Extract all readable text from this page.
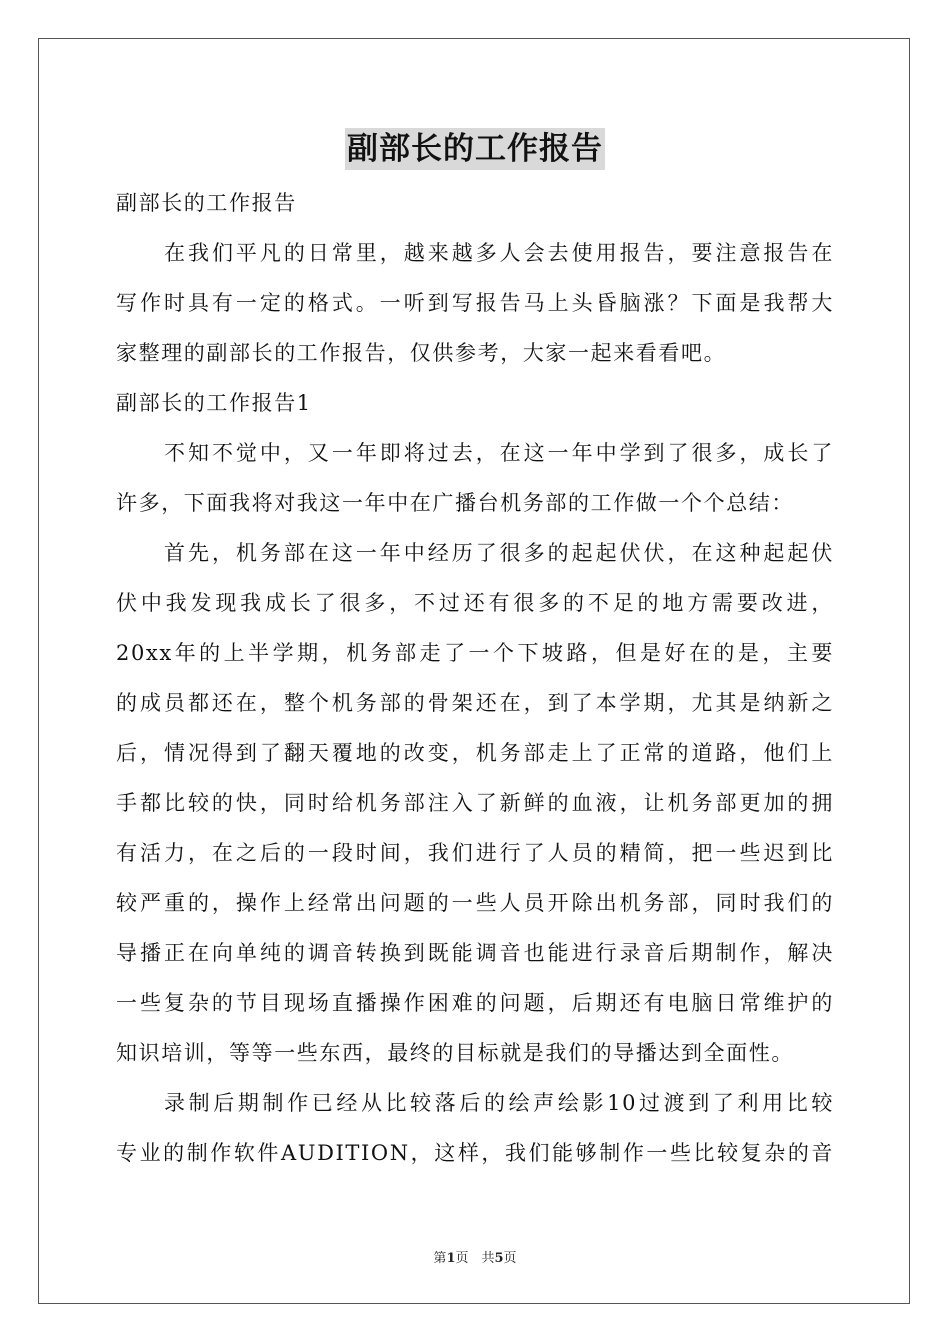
副部长的工作报告
副部长的工作报告
在我们平凡的日常里，越来越多人会去使用报告，要注意报告在
写作时具有一定的格式。一听到写报告马上头昏脑涨？下面是我帮大
家整理的副部长的工作报告，仅供参考，大家一起来看看吧。
副部长的工作报告1
不知不觉中，又一年即将过去，在这一年中学到了很多，成长了
许多，下面我将对我这一年中在广播台机务部的工作做一个个总结：
首先，机务部在这一年中经历了很多的起起伏伏，在这种起起伏
伏中我发现我成长了很多，不过还有很多的不足的地方需要改进，
20xx年的上半学期，机务部走了一个下坡路，但是好在的是，主要
的成员都还在，整个机务部的骨架还在，到了本学期，尤其是纳新之
后，情况得到了翻天覆地的改变，机务部走上了正常的道路，他们上
手都比较的快，同时给机务部注入了新鲜的血液，让机务部更加的拥
有活力，在之后的一段时间，我们进行了人员的精简，把一些迟到比
较严重的，操作上经常出问题的一些人员开除出机务部，同时我们的
导播正在向单纯的调音转换到既能调音也能进行录音后期制作，解决
一些复杂的节目现场直播操作困难的问题，后期还有电脑日常维护的
知识培训，等等一些东西，最终的目标就是我们的导播达到全面性。
录制后期制作已经从比较落后的绘声绘影10过渡到了利用比较
专业的制作软件AUDITION，这样，我们能够制作一些比较复杂的音
第1页　共5页
